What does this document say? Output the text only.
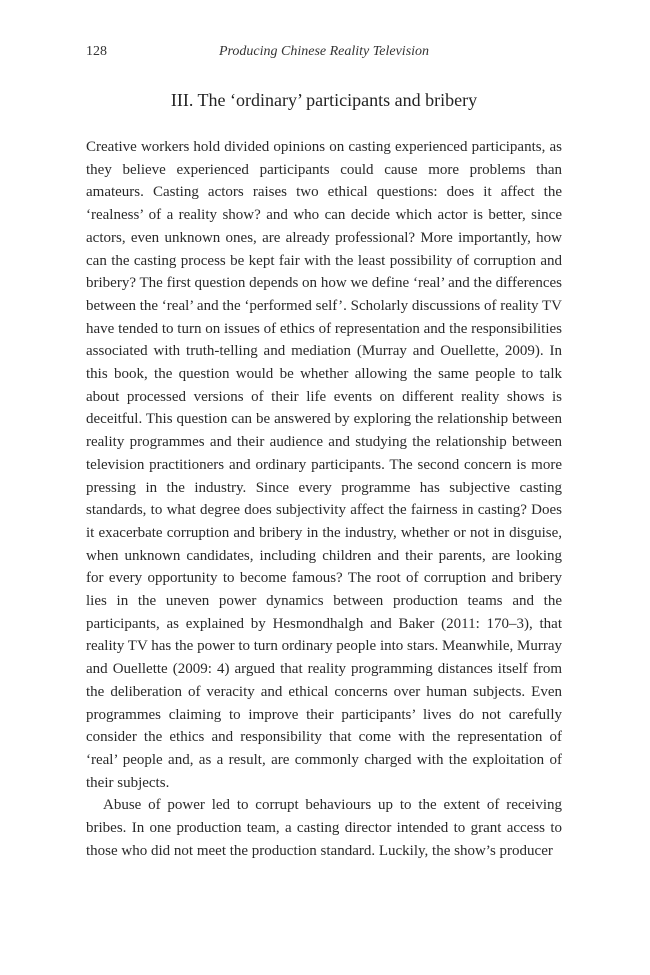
128	Producing Chinese Reality Television
III. The ‘ordinary’ participants and bribery

Creative workers hold divided opinions on casting experienced participants, as they believe experienced participants could cause more problems than amateurs. Casting actors raises two ethical questions: does it affect the ‘realness’ of a reality show? and who can decide which actor is better, since actors, even unknown ones, are already professional? More importantly, how can the casting process be kept fair with the least possibility of corruption and bribery? The first question depends on how we define ‘real’ and the differences between the ‘real’ and the ‘performed self’. Scholarly discussions of reality TV have tended to turn on issues of ethics of representation and the responsibilities associated with truth-telling and mediation (Murray and Ouellette, 2009). In this book, the question would be whether allowing the same people to talk about processed versions of their life events on different reality shows is deceitful. This question can be answered by exploring the relationship between reality programmes and their audience and studying the relationship between television practitioners and ordinary participants. The second concern is more pressing in the industry. Since every programme has subjective casting standards, to what degree does subjectivity affect the fairness in casting? Does it exacerbate corruption and bribery in the industry, whether or not in disguise, when unknown candidates, including children and their parents, are looking for every opportunity to become famous? The root of corruption and bribery lies in the uneven power dynamics between production teams and the participants, as explained by Hesmondhalgh and Baker (2011: 170–3), that reality TV has the power to turn ordinary people into stars. Meanwhile, Murray and Ouellette (2009: 4) argued that reality programming distances itself from the deliberation of veracity and ethical concerns over human subjects. Even programmes claiming to improve their participants’ lives do not carefully consider the ethics and responsibility that come with the representation of ‘real’ people and, as a result, are commonly charged with the exploitation of their subjects.

Abuse of power led to corrupt behaviours up to the extent of receiving bribes. In one production team, a casting director intended to grant access to those who did not meet the production standard. Luckily, the show’s producer
